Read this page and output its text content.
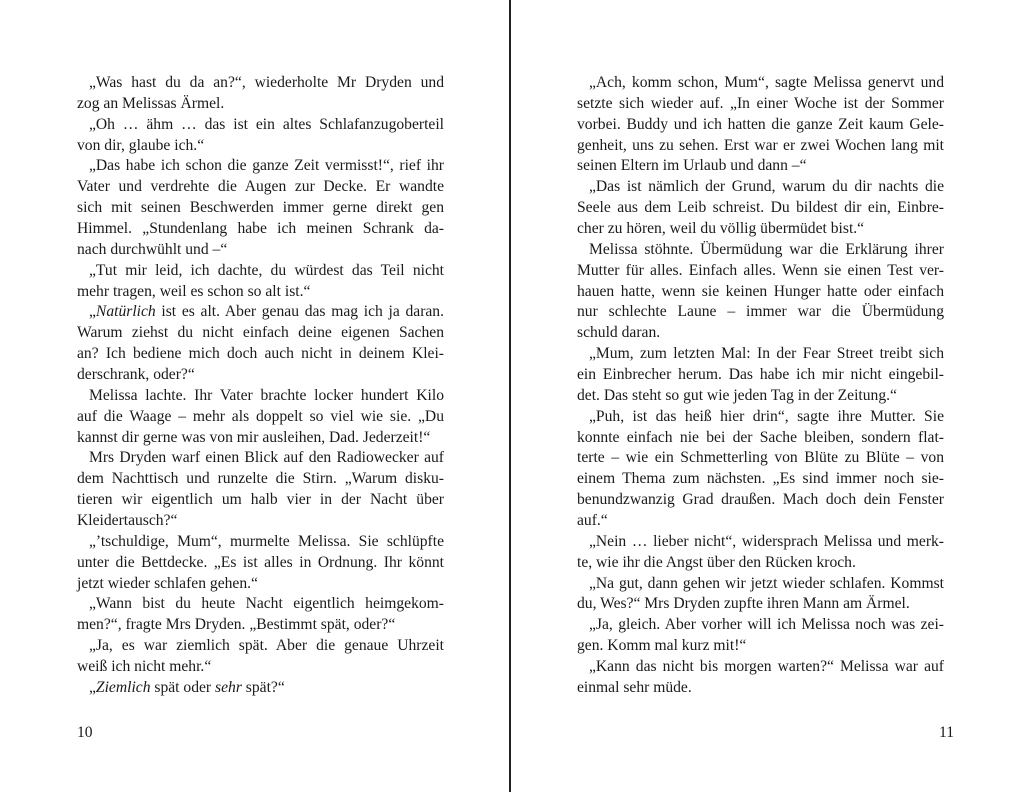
„Was hast du da an?“, wiederholte Mr Dryden und
zog an Melissas Ärmel.
„Oh … ähm … das ist ein altes Schlafanzugoberteil
von dir, glaube ich.“
„Das habe ich schon die ganze Zeit vermisst!“, rief ihr
Vater und verdrehte die Augen zur Decke. Er wandte
sich mit seinen Beschwerden immer gerne direkt gen
Himmel. „Stundenlang habe ich meinen Schrank da-
nach durchwühlt und –“
„Tut mir leid, ich dachte, du würdest das Teil nicht
mehr tragen, weil es schon so alt ist.“
„Natürlich ist es alt. Aber genau das mag ich ja daran.
Warum ziehst du nicht einfach deine eigenen Sachen
an? Ich bediene mich doch auch nicht in deinem Klei-
derschrank, oder?“
Melissa lachte. Ihr Vater brachte locker hundert Kilo
auf die Waage – mehr als doppelt so viel wie sie. „Du
kannst dir gerne was von mir ausleihen, Dad. Jederzeit!“
Mrs Dryden warf einen Blick auf den Radiowecker auf
dem Nachttisch und runzelte die Stirn. „Warum disku-
tieren wir eigentlich um halb vier in der Nacht über
Kleidertausch?“
„’tschuldige, Mum“, murmelte Melissa. Sie schlüpfte
unter die Bettdecke. „Es ist alles in Ordnung. Ihr könnt
jetzt wieder schlafen gehen.“
„Wann bist du heute Nacht eigentlich heimgekom-
men?“, fragte Mrs Dryden. „Bestimmt spät, oder?“
„Ja, es war ziemlich spät. Aber die genaue Uhrzeit
weiß ich nicht mehr.“
„Ziemlich spät oder sehr spät?“
10
„Ach, komm schon, Mum“, sagte Melissa genervt und
setzte sich wieder auf. „In einer Woche ist der Sommer
vorbei. Buddy und ich hatten die ganze Zeit kaum Gele-
genheit, uns zu sehen. Erst war er zwei Wochen lang mit
seinen Eltern im Urlaub und dann –“
„Das ist nämlich der Grund, warum du dir nachts die
Seele aus dem Leib schreist. Du bildest dir ein, Einbre-
cher zu hören, weil du völlig übermüdet bist.“
Melissa stöhnte. Übermüdung war die Erklärung ihrer
Mutter für alles. Einfach alles. Wenn sie einen Test ver-
hauen hatte, wenn sie keinen Hunger hatte oder einfach
nur schlechte Laune – immer war die Übermüdung
schuld daran.
„Mum, zum letzten Mal: In der Fear Street treibt sich
ein Einbrecher herum. Das habe ich mir nicht eingebil-
det. Das steht so gut wie jeden Tag in der Zeitung.“
„Puh, ist das heiß hier drin“, sagte ihre Mutter. Sie
konnte einfach nie bei der Sache bleiben, sondern flat-
terte – wie ein Schmetterling von Blüte zu Blüte – von
einem Thema zum nächsten. „Es sind immer noch sie-
benundzwanzig Grad draußen. Mach doch dein Fenster
auf.“
„Nein … lieber nicht“, widersprach Melissa und merk-
te, wie ihr die Angst über den Rücken kroch.
„Na gut, dann gehen wir jetzt wieder schlafen. Kommst
du, Wes?“ Mrs Dryden zupfte ihren Mann am Ärmel.
„Ja, gleich. Aber vorher will ich Melissa noch was zei-
gen. Komm mal kurz mit!“
„Kann das nicht bis morgen warten?“ Melissa war auf
einmal sehr müde.
11
